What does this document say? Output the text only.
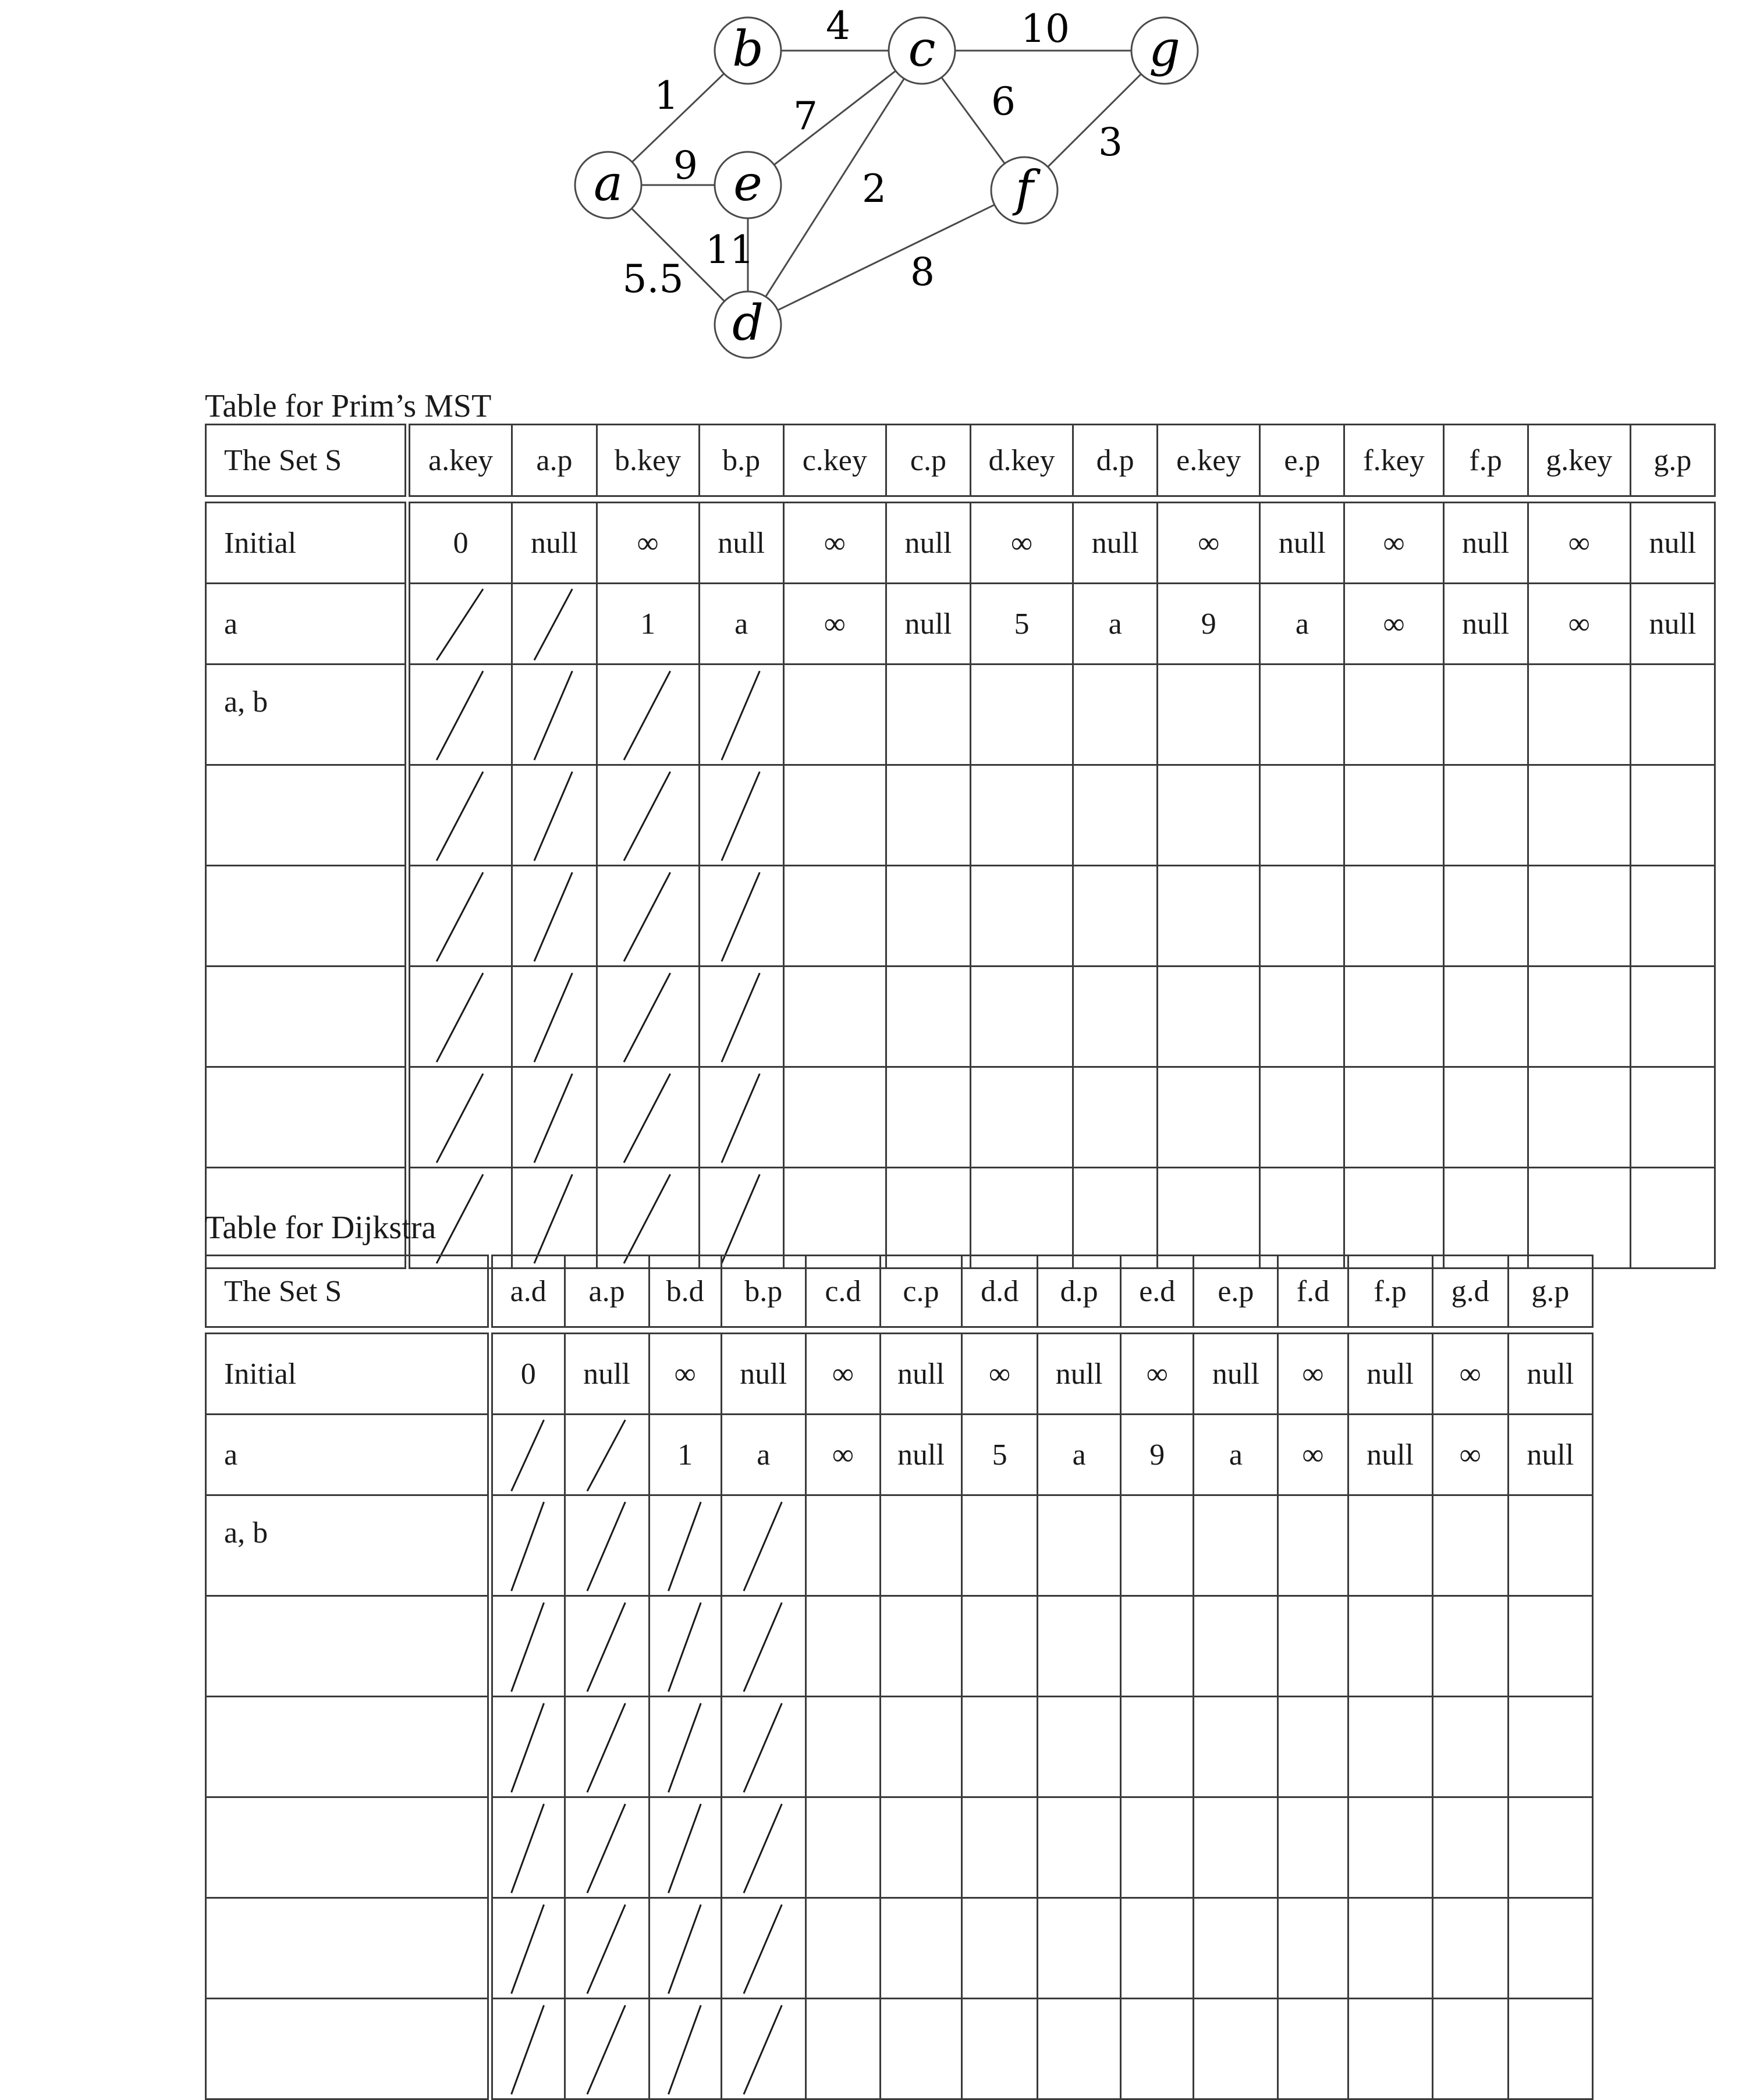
1
4	10
9
7	6
3
2
5.5
11	8
a
b	c
d
e	f
g
Table for Prim’s MST
The Set S	a.key	a.p	b.key	b.p	c.key	c.p	d.key	d.p	e.key	e.p	f.key	f.p	g.key	g.p

Initial	0	null	∞	null	∞	null	∞	null	∞	null	∞	null	∞	null
a			1	a	∞	null	5	a	9	a	∞	null	∞	null
a, b	

Table for Dijkstra
The Set S	a.d	a.p	b.d	b.p	c.d	c.p	d.d	d.p	e.d	e.p	f.d	f.p	g.d	g.p

Initial	0	null	∞	null	∞	null	∞	null	∞	null	∞	null	∞	null
a			1	a	∞	null	5	a	9	a	∞	null	∞	null
a, b	
